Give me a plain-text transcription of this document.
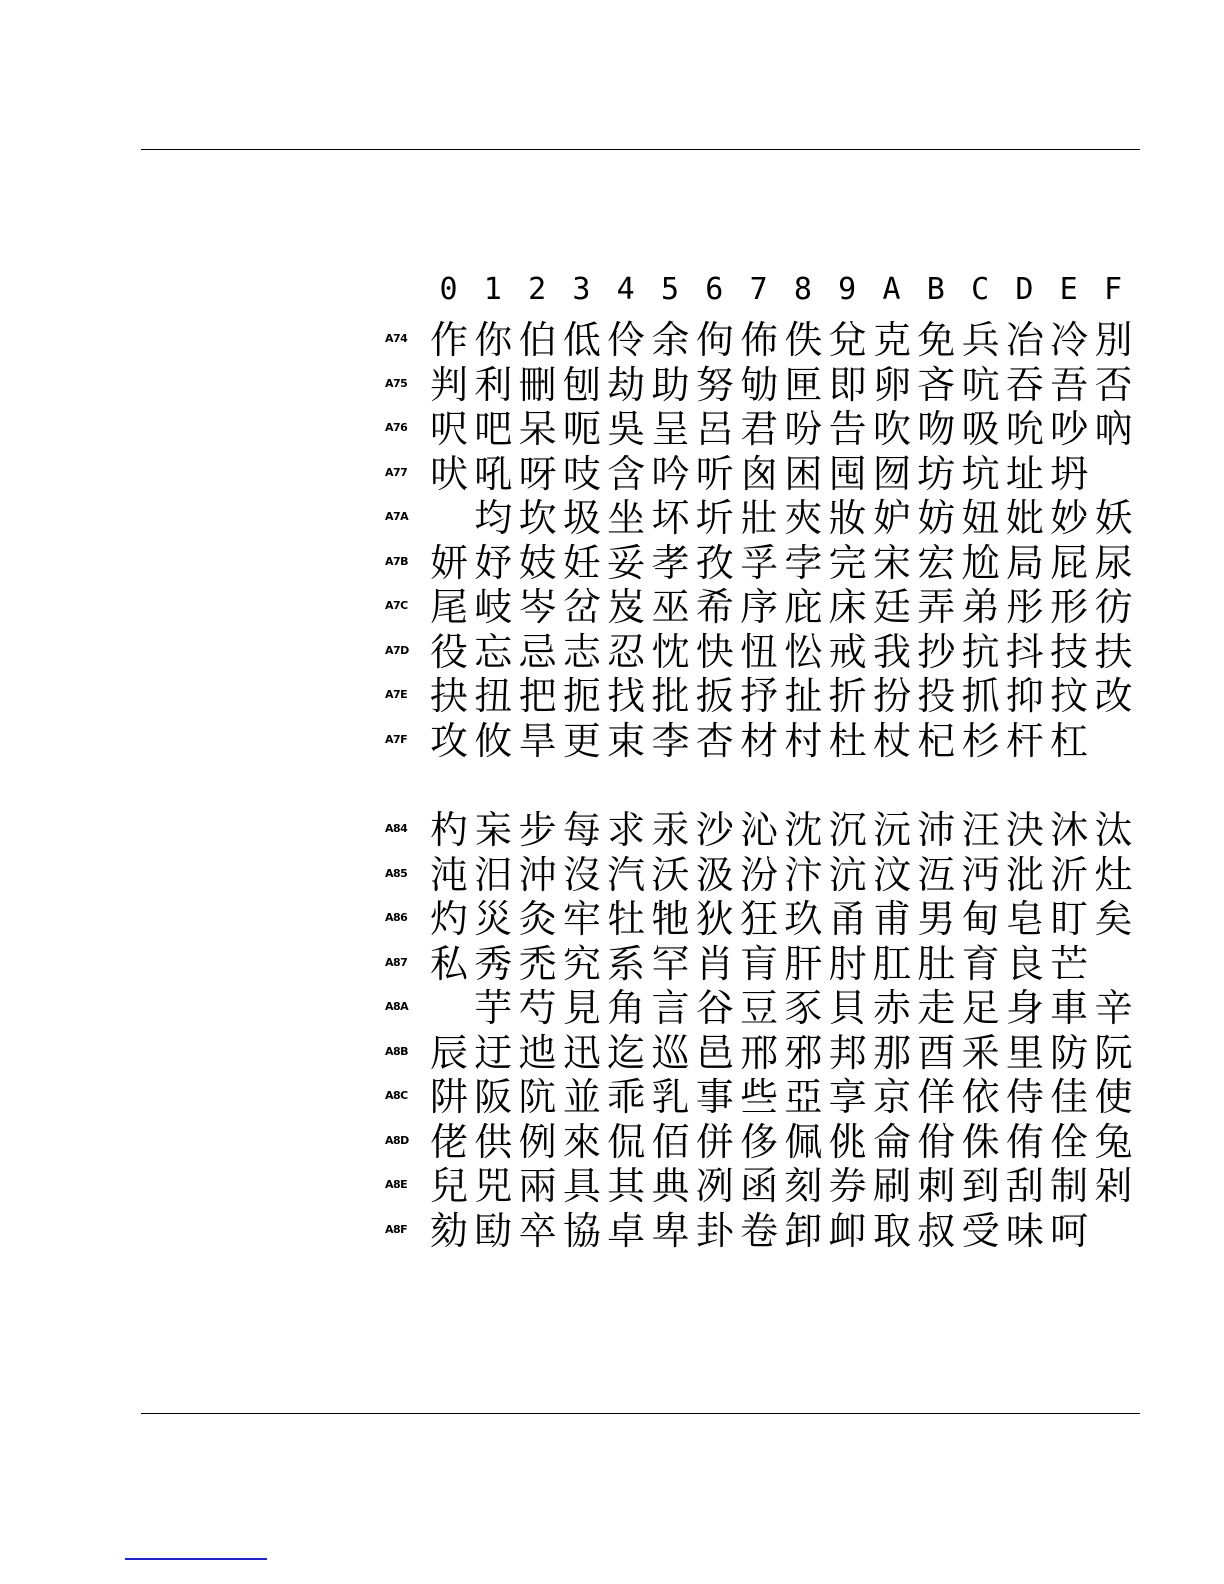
0 1 2 3 4 5 6 7 8 9 A B C D E F
A74 作 你 伯 低 伶 余 佝 佈 佚 兌 克 免 兵 冶 冷 別
A75 判 利 刪 刨 劫 助 努 劬 匣 即 卵 吝 吭 吞 吾 否
A76 呎 吧 呆 呃 吳 呈 呂 君 吩 告 吹 吻 吸 吮 吵 吶
A77 吠 吼 呀 吱 含 吟 听 囪 困 囤 囫 坊 坑 址 坍
A7A	均 坎 圾 坐 坏 圻 壯 夾 妝 妒 妨 妞 妣 妙 妖
A7B 妍 妤 妓 妊 妥 孝 孜 孚 孛 完 宋 宏 尬 局 屁 尿
A7C 尾 岐 岑 岔 岌 巫 希 序 庇 床 廷 弄 弟 彤 形 彷
A7D 役 忘 忌 志 忍 忱 快 忸 忪 戒 我 抄 抗 抖 技 扶
A7E 抉 扭 把 扼 找 批 扳 抒 扯 折 扮 投 抓 抑 抆 改
A7F 攻 攸 旱 更 束 李 杏 材 村 杜 杖 杞 杉 杆 杠
A84 杓 杗 步 每 求 汞 沙 沁 沈 沉 沅 沛 汪 決 沐 汰
A85 沌 汨 沖 沒 汽 沃 汲 汾 汴 沆 汶 沍 沔 沘 沂 灶
A86 灼 災 灸 牢 牡 牠 狄 狂 玖 甬 甫 男 甸 皂 盯 矣
A87 私 秀 禿 究 系 罕 肖 肓 肝 肘 肛 肚 育 良 芒
A8A	芋 芍 見 角 言 谷 豆 豕 貝 赤 走 足 身 車 辛
A8B 辰 迂 迆 迅 迄 巡 邑 邢 邪 邦 那 酉 釆 里 防 阮
A8C 阱 阪 阬 並 乖 乳 事 些 亞 享 京 佯 依 侍 佳 使
A8D 佬 供 例 來 侃 佰 併 侈 佩 佻 侖 佾 侏 侑 佺 兔
A8E 兒 兕 兩 具 其 典 冽 函 刻 券 刷 刺 到 刮 制 剁
A8F 劾 劻 卒 協 卓 卑 卦 卷 卸 卹 取 叔 受 味 呵
